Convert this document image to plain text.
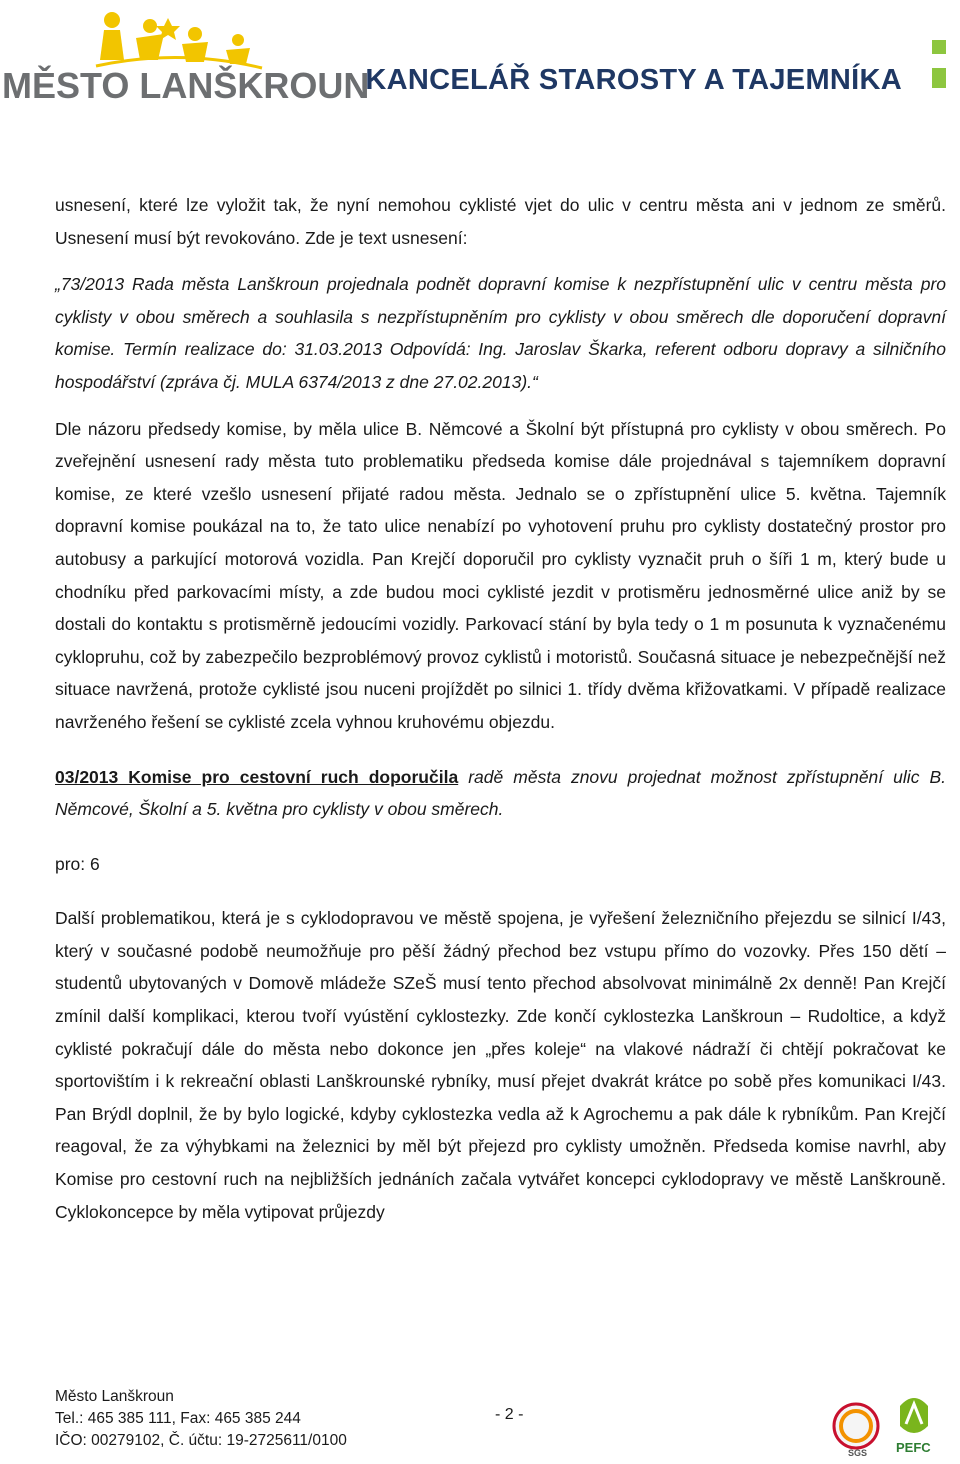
MĚSTO LANŠKROUN
KANCELÁŘ STAROSTY A TAJEMNÍKA

usnesení, které lze vyložit tak, že nyní nemohou cyklisté vjet do ulic v centru města ani v jednom ze směrů. Usnesení musí být revokováno. Zde je text usnesení:

„73/2013 Rada města Lanškroun projednala podnět dopravní komise k nezpřístupnění ulic v centru města pro cyklisty v obou směrech a souhlasila s nezpřístupněním pro cyklisty v obou směrech dle doporučení dopravní komise. Termín realizace do: 31.03.2013 Odpovídá: Ing. Jaroslav Škarka, referent odboru dopravy a silničního hospodářství (zpráva čj. MULA 6374/2013 z dne 27.02.2013).“

Dle názoru předsedy komise, by měla ulice B. Němcové a Školní být přístupná pro cyklisty v obou směrech. Po zveřejnění usnesení rady města tuto problematiku předseda komise dále projednával s tajemníkem dopravní komise, ze které vzešlo usnesení přijaté radou města. Jednalo se o zpřístupnění ulice 5. května. Tajemník dopravní komise poukázal na to, že tato ulice nenabízí po vyhotovení pruhu pro cyklisty dostatečný prostor pro autobusy a parkující motorová vozidla. Pan Krejčí doporučil pro cyklisty vyznačit pruh o šíři 1 m, který bude u chodníku před parkovacími místy, a zde budou moci cyklisté jezdit v protisměru jednosměrné ulice aniž by se dostali do kontaktu s protisměrně jedoucími vozidly. Parkovací stání by byla tedy o 1 m posunuta k vyznačenému cyklopruhu, což by zabezpečilo bezproblémový provoz cyklistů i motoristů. Současná situace je nebezpečnější než situace navržená, protože cyklisté jsou nuceni projíždět po silnici 1. třídy dvěma křižovatkami. V případě realizace navrženého řešení se cyklisté zcela vyhnou kruhovému objezdu.

03/2013 Komise pro cestovní ruch doporučila radě města znovu projednat možnost zpřístupnění ulic B. Němcové, Školní a 5. května pro cyklisty v obou směrech.

pro: 6

Další problematikou, která je s cyklodopravou ve městě spojena, je vyřešení železničního přejezdu se silnicí I/43, který v současné podobě neumožňuje pro pěší žádný přechod bez vstupu přímo do vozovky. Přes 150 dětí – studentů ubytovaných v Domově mládeže SZeŠ musí tento přechod absolvovat minimálně 2x denně! Pan Krejčí zmínil další komplikaci, kterou tvoří vyústění cyklostezky. Zde končí cyklostezka Lanškroun – Rudoltice, a když cyklisté pokračují dále do města nebo dokonce jen „přes koleje“ na vlakové nádraží či chtějí pokračovat ke sportovištím i k rekreační oblasti Lanškrounské rybníky, musí přejet dvakrát krátce po sobě přes komunikaci I/43. Pan Brýdl doplnil, že by bylo logické, kdyby cyklostezka vedla až k Agrochemu a pak dále k rybníkům. Pan Krejčí reagoval, že za výhybkami na železnici by měl být přejezd pro cyklisty umožněn. Předseda komise navrhl, aby Komise pro cestovní ruch na nejbližších jednáních začala vytvářet koncepci cyklodopravy ve městě Lanškrouně. Cyklokoncepce by měla vytipovat průjezdy

Město Lanškroun
Tel.: 465 385 111, Fax: 465 385 244
IČO: 00279102, Č. účtu: 19-2725611/0100
- 2 -
SGS PEFC
